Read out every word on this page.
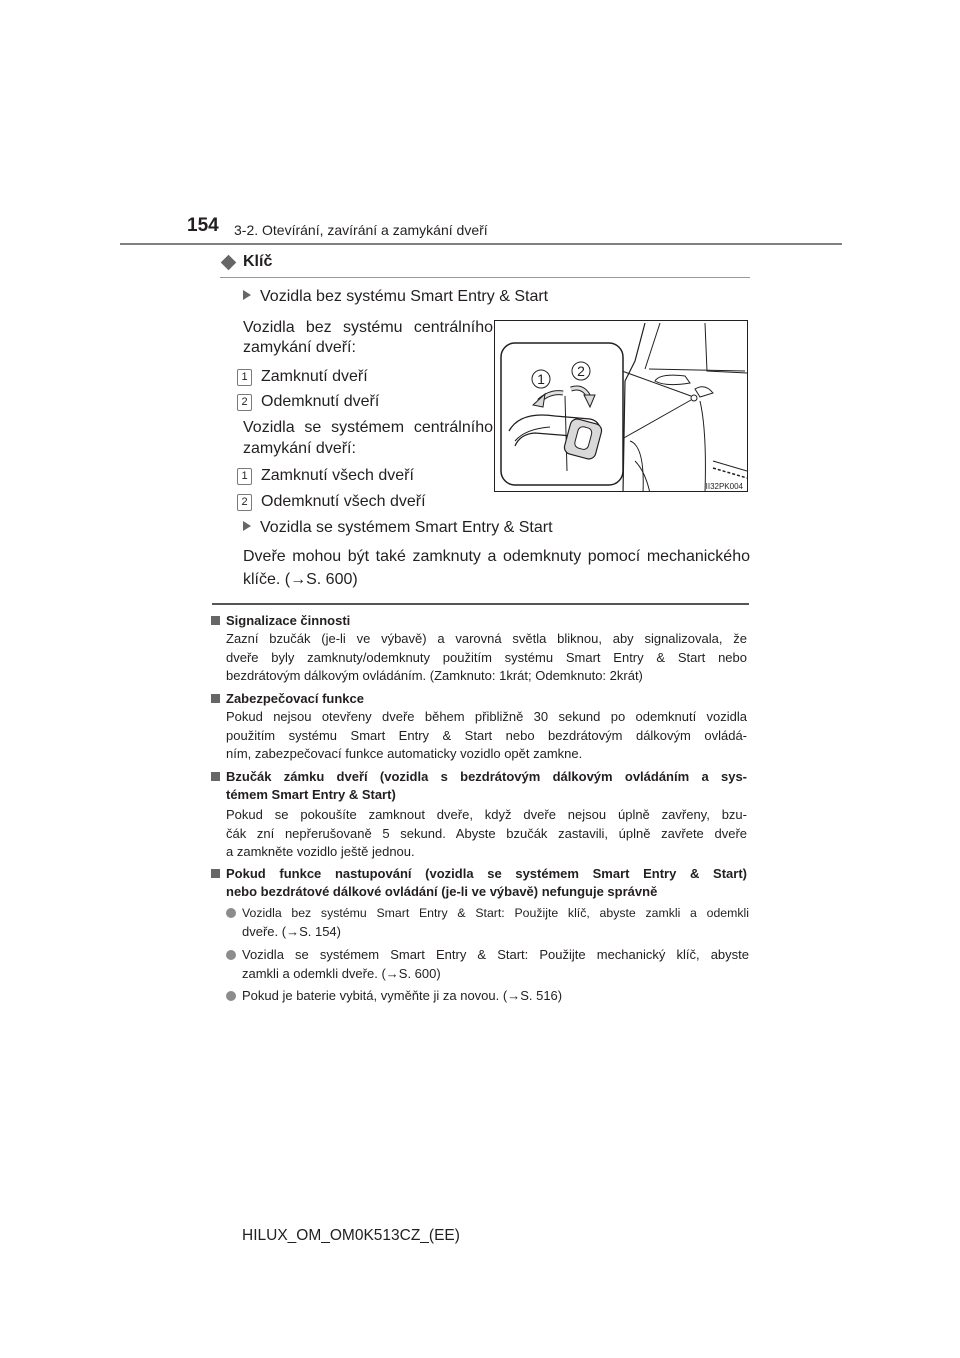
154 3-2. Otevírání, zavírání a zamykání dveří
Klíč
Vozidla bez systému Smart Entry & Start
Vozidla bez systému centrálního
zamykání dveří:
1 Zamknutí dveří
2 Odemknutí dveří
Vozidla se systémem centrálního
zamykání dveří:
1 Zamknutí všech dveří
2 Odemknutí všech dveří
1 2
II32PK004
Vozidla se systémem Smart Entry & Start
Dveře mohou být také zamknuty a odemknuty pomocí mechanického
klíče. (→S. 600)
Signalizace činnosti
Zazní bzučák (je-li ve výbavě) a varovná světla bliknou, aby signalizovala, že
dveře byly zamknuty/odemknuty použitím systému Smart Entry & Start nebo
bezdrátovým dálkovým ovládáním. (Zamknuto: 1krát; Odemknuto: 2krát)
Zabezpečovací funkce
Pokud nejsou otevřeny dveře během přibližně 30 sekund po odemknutí vozidla
použitím systému Smart Entry & Start nebo bezdrátovým dálkovým ovládá-
ním, zabezpečovací funkce automaticky vozidlo opět zamkne.
Bzučák zámku dveří (vozidla s bezdrátovým dálkovým ovládáním a sys-
témem Smart Entry & Start)
Pokud se pokoušíte zamknout dveře, když dveře nejsou úplně zavřeny, bzu-
čák zní nepřerušovaně 5 sekund. Abyste bzučák zastavili, úplně zavřete dveře
a zamkněte vozidlo ještě jednou.
Pokud funkce nastupování (vozidla se systémem Smart Entry & Start)
nebo bezdrátové dálkové ovládání (je-li ve výbavě) nefunguje správně
Vozidla bez systému Smart Entry & Start: Použijte klíč, abyste zamkli a odemkli
dveře. (→S. 154)
Vozidla se systémem Smart Entry & Start: Použijte mechanický klíč, abyste
zamkli a odemkli dveře. (→S. 600)
Pokud je baterie vybitá, vyměňte ji za novou. (→S. 516)
HILUX_OM_OM0K513CZ_(EE)
